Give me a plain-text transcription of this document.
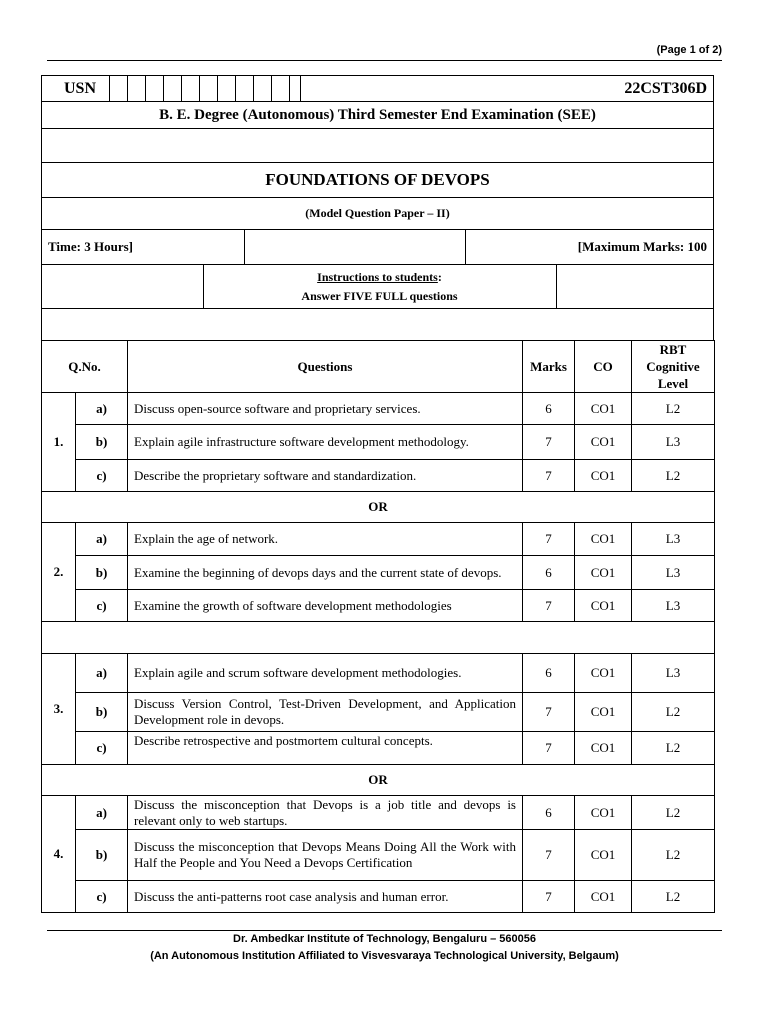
(Page 1 of 2)
USN	22CST306D
B. E. Degree (Autonomous) Third Semester End Examination (SEE)
FOUNDATIONS OF DEVOPS
(Model Question Paper – II)
Time: 3 Hours]	[Maximum Marks: 100
Instructions to students:
Answer FIVE FULL questions
Q.No.		Questions	Marks	CO	RBT Cognitive Level
1.	a)	Discuss open-source software and proprietary services.	6	CO1	L2
	b)	Explain agile infrastructure software development methodology.	7	CO1	L3
	c)	Describe the proprietary software and standardization.	7	CO1	L2
OR					
2.	a)	Explain the age of network.	7	CO1	L3
	b)	Examine the beginning of devops days and the current state of devops.	6	CO1	L3
	c)	Examine the growth of software development methodologies	7	CO1	L3

3.	a)	Explain agile and scrum software development methodologies.	6	CO1	L3
	b)	Discuss Version Control, Test-Driven Development, and Application Development role in devops.	7	CO1	L2
	c)	Describe retrospective and postmortem cultural concepts.	7	CO1	L2
OR					
4.	a)	Discuss the misconception that Devops is a job title and devops is relevant only to web startups.	6	CO1	L2
	b)	Discuss the misconception that Devops Means Doing All the Work with Half the People and You Need a Devops Certification	7	CO1	L2
	c)	Discuss the anti-patterns root case analysis and human error.	7	CO1	L2
Dr. Ambedkar Institute of Technology, Bengaluru – 560056
(An Autonomous Institution Affiliated to Visvesvaraya Technological University, Belgaum)
